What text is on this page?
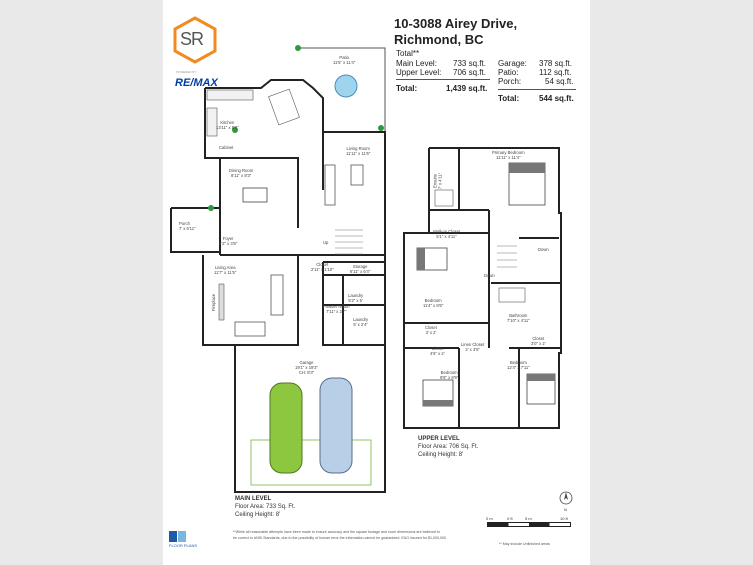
SR
POWERED BY
RE/MAX
10-3088 Airey Drive,
Richmond, BC
Total**
Main Level: 733 sq.ft.
Upper Level: 706 sq.ft.
Total:	1,439 sq.ft.
Garage: 378 sq.ft.
Patio:	112 sq.ft.
Porch:	54 sq.ft.
Total: 544 sq.ft.
Patio
11'5" x 11'4"
Kitchen
13'11" x 8'8"
Cabinet	Living Room
11'11" x 11'6"
Dining Room
8'11" x 8'3"
Porch
7' x 6'11"
Foyer
8'2" x 3'6"	Up
Living Area
11'7" x 11'5"
Fireplace
Closet
2'11" x 1'10"
Storage
6'11" x 6'4"
Laundry
5'2" x 5'
Powder Room
7'11" x 2'7"
Laundry
5' x 2'4"
Garage
19'1" x 19'3"
CH: 8'3"
MAIN LEVEL
Floor Area: 733 Sq. Ft.
Ceiling Height: 8'
Primary Bedroom
11'11" x 11'4"
Ensuite 7' x 4'11"
Walk-In Closet
5'1" x 4'11"
Down
Down
Bedroom
11'4" x 8'6"
Bathroom
7'10" x 4'11"
Closet
3' x 2'
Closet
3'0" x 2'
Closet
4'6" x 2'
Linen Closet
2' x 3'5"
Bedroom
9'8" x 8'9"
Bedroom
12'4" x 7'11"
UPPER LEVEL
Floor Area: 706 Sq. Ft.
Ceiling Height: 8'
N
0 m	0 ft	5 m	10 ft
FLOOR PLANS
**While all reasonable attempts have been made to ensure accuracy and the square footage and room dimensions are believed to
be correct to ANSI Standards, due to the possibility of human error the information cannot be guaranteed. E&O insured for $1,000,000
** May include Unfinished areas
